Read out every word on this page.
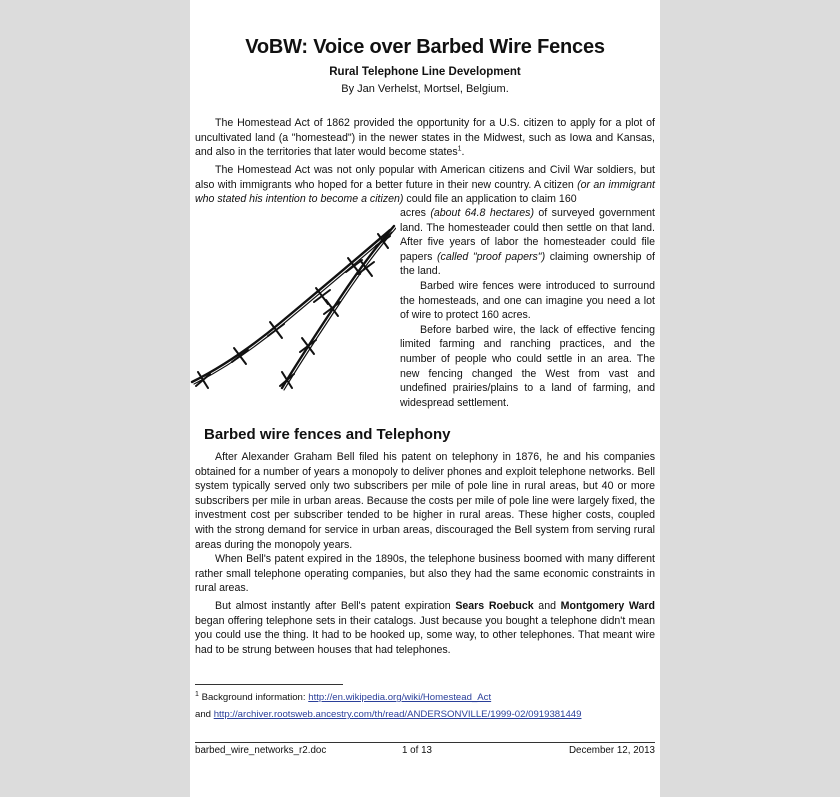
VoBW: Voice over Barbed Wire Fences
Rural Telephone Line Development
By Jan Verhelst, Mortsel, Belgium.

The Homestead Act of 1862 provided the opportunity for a U.S. citizen to apply for a plot of uncultivated land (a "homestead") in the newer states in the Midwest, such as Iowa and Kansas, and also in the territories that later would become states$^1$.

The Homestead Act was not only popular with American citizens and Civil War soldiers, but also with immigrants who hoped for a better future in their new country. A citizen (or an immigrant who stated his intention to become a citizen) could file an application to claim 160

acres (about 64.8 hectares) of surveyed government land. The homesteader could then settle on that land. After five years of labor the homesteader could file papers (called "proof papers") claiming ownership of the land.

Barbed wire fences were introduced to surround the homesteads, and one can imagine you need a lot of wire to protect 160 acres.

Before barbed wire, the lack of effective fencing limited farming and ranching practices, and the number of people who could settle in an area. The new fencing changed the West from vast and undefined prairies/plains to a land of farming, and widespread settlement.

Barbed wire fences and Telephony

After Alexander Graham Bell filed his patent on telephony in 1876, he and his companies obtained for a number of years a monopoly to deliver phones and exploit telephone networks. Bell system typically served only two subscribers per mile of pole line in rural areas, but 40 or more subscribers per mile in urban areas. Because the costs per mile of pole line were largely fixed, the investment cost per subscriber tended to be higher in rural areas. These higher costs, coupled with the strong demand for service in urban areas, discouraged the Bell system from serving rural areas during the monopoly years.

When Bell's patent expired in the 1890s, the telephone business boomed with many different rather small telephone operating companies, but also they had the same economic constraints in rural areas.

But almost instantly after Bell's patent expiration Sears Roebuck and Montgomery Ward began offering telephone sets in their catalogs. Just because you bought a telephone didn't mean you could use the thing. It had to be hooked up, some way, to other telephones. That meant wire had to be strung between houses that had telephones.

$^1$ Background information: http://en.wikipedia.org/wiki/Homestead_Act
and http://archiver.rootsweb.ancestry.com/th/read/ANDERSONVILLE/1999-02/0919381449
barbed_wire_networks_r2.doc	1 of 13	December 12, 2013
